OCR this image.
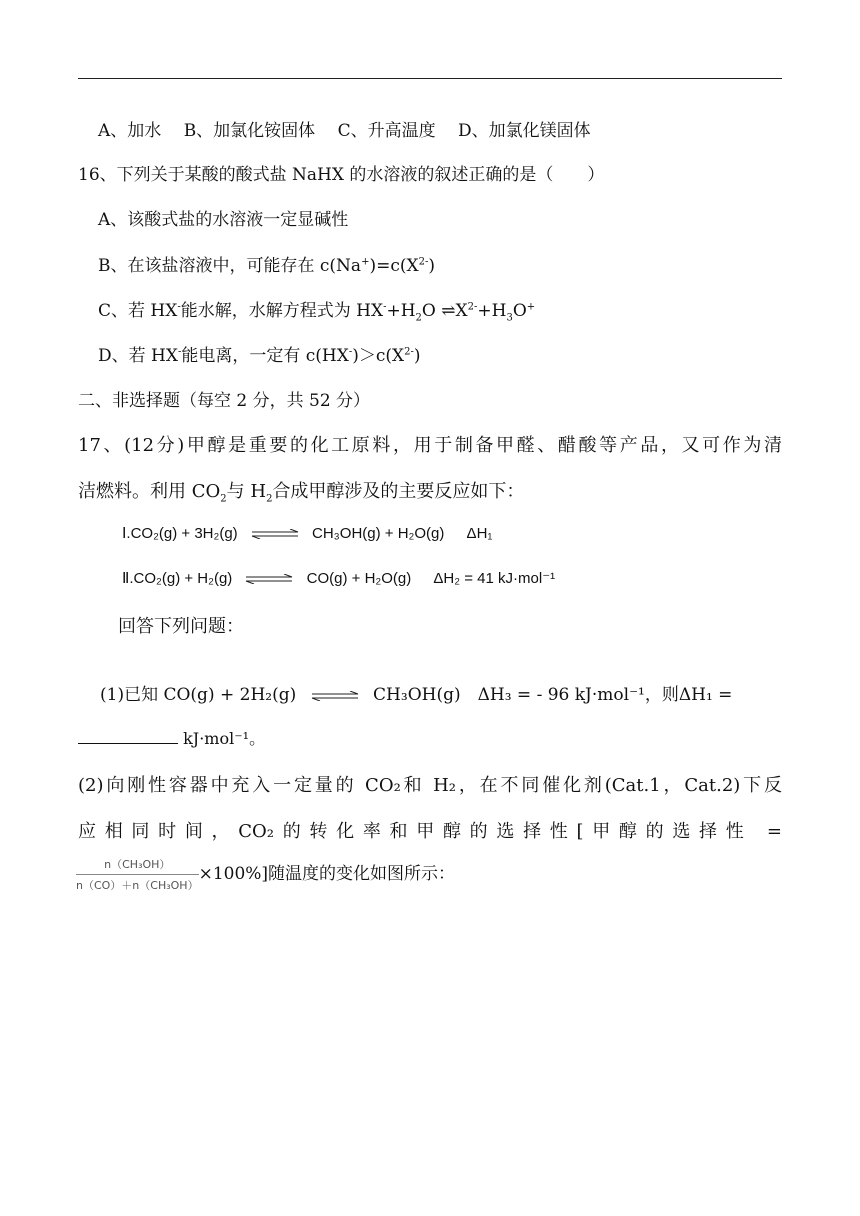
A、加水　 B、加氯化铵固体　 C、升高温度　 D、加氯化镁固体
16、下列关于某酸的酸式盐 NaHX 的水溶液的叙述正确的是（　　）
A、该酸式盐的水溶液一定显碱性
B、在该盐溶液中，可能存在 $c(Na^+)=c(X^{2-})$
C、若 HX-能水解，水解方程式为 $HX^-+H_2O$ $\rightleftharpoons X^{2-}+H_3O^+$
D、若 HX-能电离，一定有 $c(HX^-)>c(X^{2-})$
二、非选择题（每空 2 分，共 52 分）
17、(12分)甲醇是重要的化工原料，用于制备甲醛、醋酸等产品，又可作为清
洁燃料。利用 $CO_2$与 $H_2$合成甲醇涉及的主要反应如下：
Ⅰ.CO₂(g) + 3H₂(g) ⇌ CH₃OH(g) + H₂O(g) ΔH₁
Ⅱ.CO₂(g) + H₂(g) ⇌ CO(g) + H₂O(g) ΔH₂ = 41 kJ·mol⁻¹
回答下列问题：
(1)已知 CO(g) + 2H₂(g) ⇌ CH₃OH(g)　ΔH₃ = - 96 kJ·mol⁻¹，则ΔH₁ =
kJ·mol⁻¹。
(2)向刚性容器中充入一定量的 CO₂和 H₂，在不同催化剂(Cat.1，Cat.2)下反
应相同时间，CO₂的转化率和甲醇的选择性[甲醇的选择性 =
$\frac{\text{n（CH₃OH）}}{\text{n（CO）＋n（CH₃OH）}} \times 100\%$]随温度的变化如图所示：
